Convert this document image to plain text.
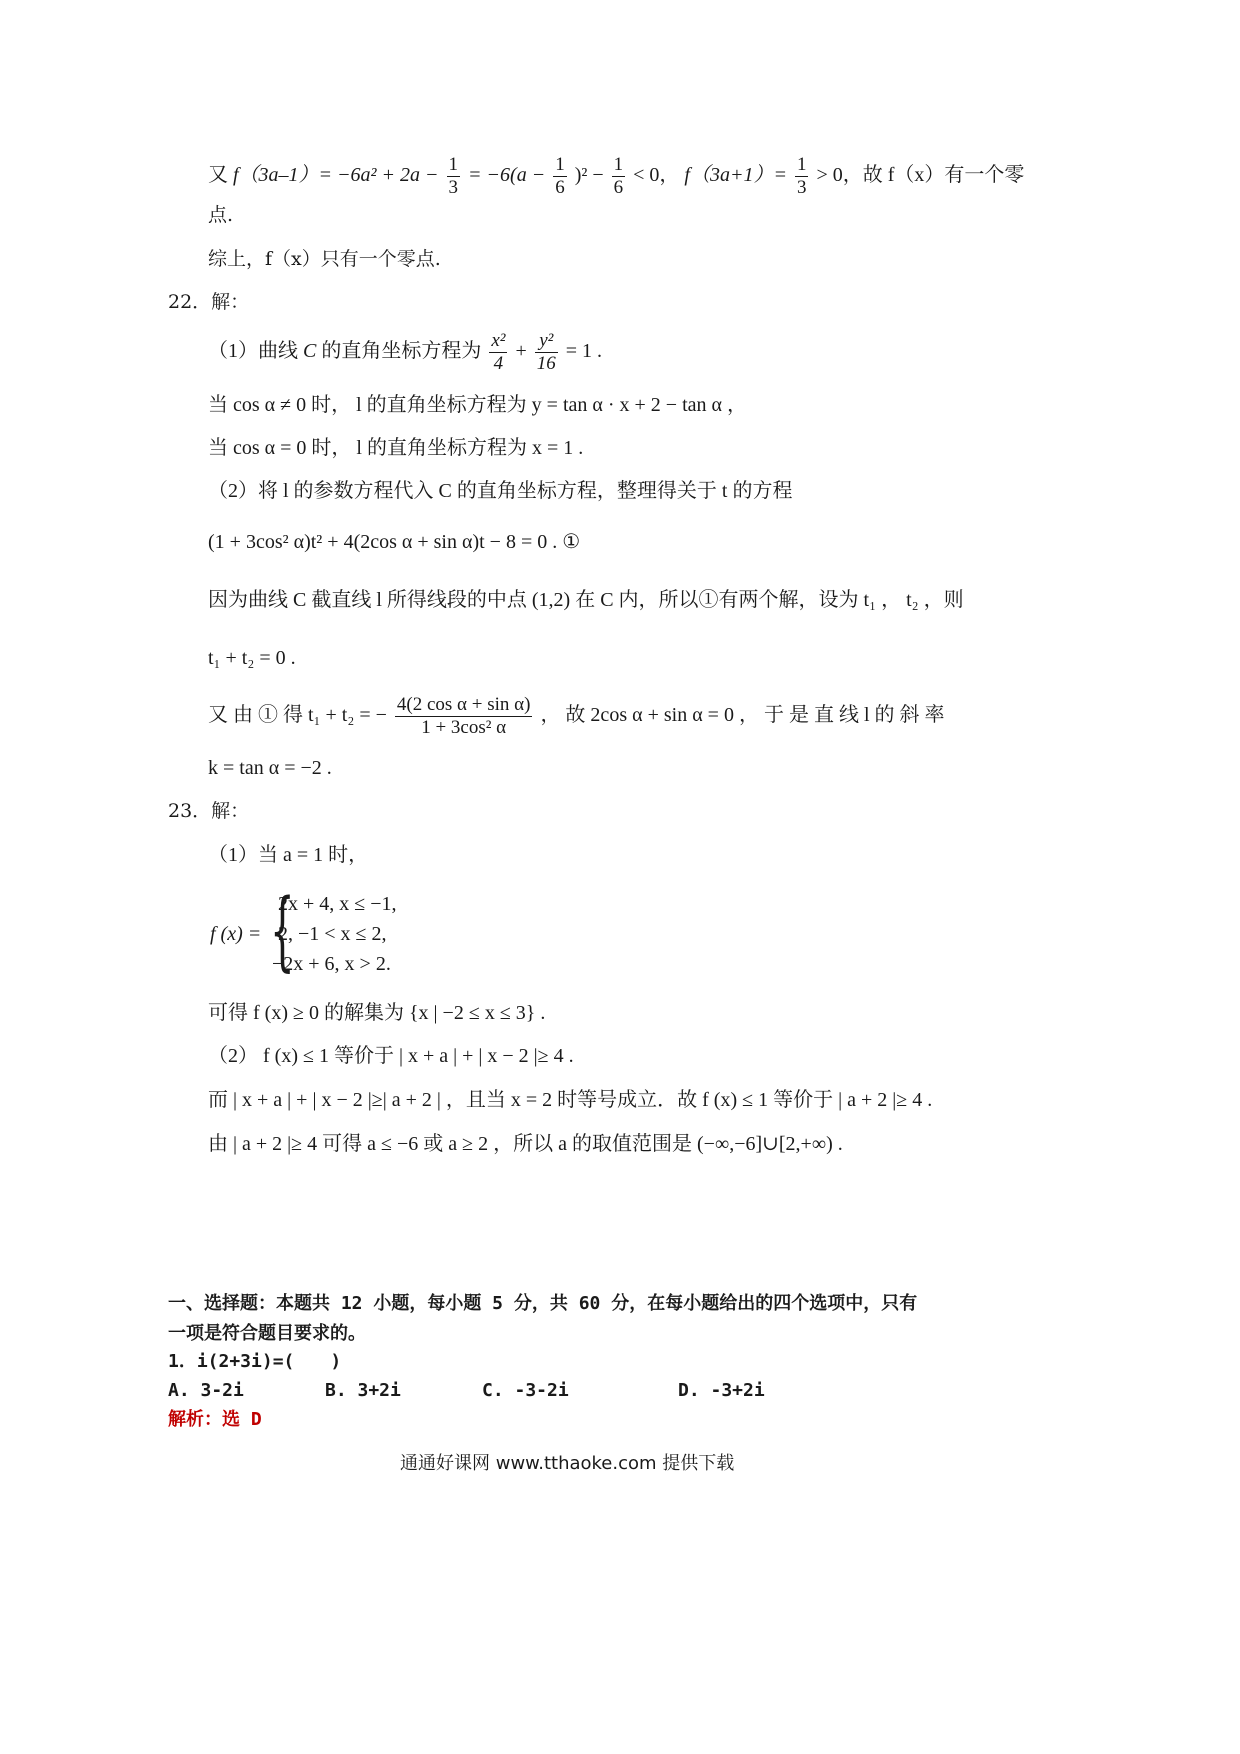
又 $f(3a-1)= -6a^2 + 2a - \frac{1}{3} = -6(a - \frac{1}{6} )^2 - \frac{1}{6} < 0$， $f(3a+1)= \frac{1}{3} > 0$，故 f（x）有一个零
点.
综上，f（x）只有一个零点.
22．解：
（1）曲线 C 的直角坐标方程为 $\frac{\text{x²}}{4} + \frac{\text{y²}}{16} = 1$ .
当 cos α ≠ 0 时， l 的直角坐标方程为 y = tan α · x + 2 − tan α ，
当 cos α = 0 时， l 的直角坐标方程为 x = 1 .
（2）将 l 的参数方程代入 C 的直角坐标方程，整理得关于 t 的方程
(1 + 3cos² α)t² + 4(2cos α + sin α)t − 8 = 0 . ①
因为曲线 C 截直线 l 所得线段的中点 (1,2) 在 C 内，所以①有两个解，设为 t₁ ， t₂ ，则
t₁ + t₂ = 0 .
又 由 ① 得 t₁ + t₂ = − $\frac{\text{4(2 cos α + sin α)}}{\text{1 + 3cos² α}}$ ， 故 2cos α + sin α = 0 ， 于 是 直 线 l 的 斜 率
k = tan α = −2 .
23．解：
（1）当 a = 1 时，
f (x) = {
2x + 4, x ≤ −1,
2, −1 < x ≤ 2,
−2x + 6, x > 2.
可得 f (x) ≥ 0 的解集为 {x | −2 ≤ x ≤ 3} .
（2） f (x) ≤ 1 等价于 | x + a | + | x − 2 |≥ 4 .
而 | x + a | + | x − 2 |≥| a + 2 | ，且当 x = 2 时等号成立．故 f (x) ≤ 1 等价于 | a + 2 |≥ 4 .
由 | a + 2 |≥ 4 可得 a ≤ −6 或 a ≥ 2 ，所以 a 的取值范围是 (−∞,−6]∪[2,+∞) .
一、选择题：本题共 12 小题，每小题 5 分，共 60 分，在每小题给出的四个选项中，只有
一项是符合题目要求的。
1．i(2+3i)=(　　)
A. 3-2i	B. 3+2i	C. -3-2i	D. -3+2i
解析：选 D
通通好课网 www.tthaoke.com 提供下载
